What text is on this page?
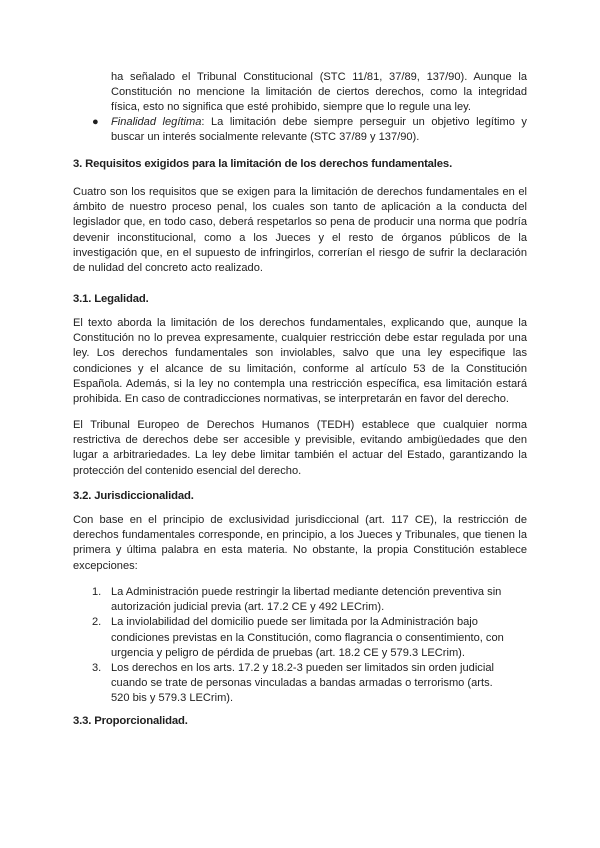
ha señalado el Tribunal Constitucional (STC 11/81, 37/89, 137/90). Aunque la Constitución no mencione la limitación de ciertos derechos, como la integridad física, esto no significa que esté prohibido, siempre que lo regule una ley.
● Finalidad legítima: La limitación debe siempre perseguir un objetivo legítimo y buscar un interés socialmente relevante (STC 37/89 y 137/90).
3. Requisitos exigidos para la limitación de los derechos fundamentales.
Cuatro son los requisitos que se exigen para la limitación de derechos fundamentales en el ámbito de nuestro proceso penal, los cuales son tanto de aplicación a la conducta del legislador que, en todo caso, deberá respetarlos so pena de producir una norma que podría devenir inconstitucional, como a los Jueces y el resto de órganos públicos de la investigación que, en el supuesto de infringirlos, correrían el riesgo de sufrir la declaración de nulidad del concreto acto realizado.
3.1. Legalidad.
El texto aborda la limitación de los derechos fundamentales, explicando que, aunque la Constitución no lo prevea expresamente, cualquier restricción debe estar regulada por una ley. Los derechos fundamentales son inviolables, salvo que una ley especifique las condiciones y el alcance de su limitación, conforme al artículo 53 de la Constitución Española. Además, si la ley no contempla una restricción específica, esa limitación estará prohibida. En caso de contradicciones normativas, se interpretarán en favor del derecho.
El Tribunal Europeo de Derechos Humanos (TEDH) establece que cualquier norma restrictiva de derechos debe ser accesible y previsible, evitando ambigüedades que den lugar a arbitrariedades. La ley debe limitar también el actuar del Estado, garantizando la protección del contenido esencial del derecho.
3.2. Jurisdiccionalidad.
Con base en el principio de exclusividad jurisdiccional (art. 117 CE), la restricción de derechos fundamentales corresponde, en principio, a los Jueces y Tribunales, que tienen la primera y última palabra en esta materia. No obstante, la propia Constitución establece excepciones:
1. La Administración puede restringir la libertad mediante detención preventiva sin autorización judicial previa (art. 17.2 CE y 492 LECrim).
2. La inviolabilidad del domicilio puede ser limitada por la Administración bajo condiciones previstas en la Constitución, como flagrancia o consentimiento, con urgencia y peligro de pérdida de pruebas (art. 18.2 CE y 579.3 LECrim).
3. Los derechos en los arts. 17.2 y 18.2-3 pueden ser limitados sin orden judicial cuando se trate de personas vinculadas a bandas armadas o terrorismo (arts. 520 bis y 579.3 LECrim).
3.3. Proporcionalidad.
